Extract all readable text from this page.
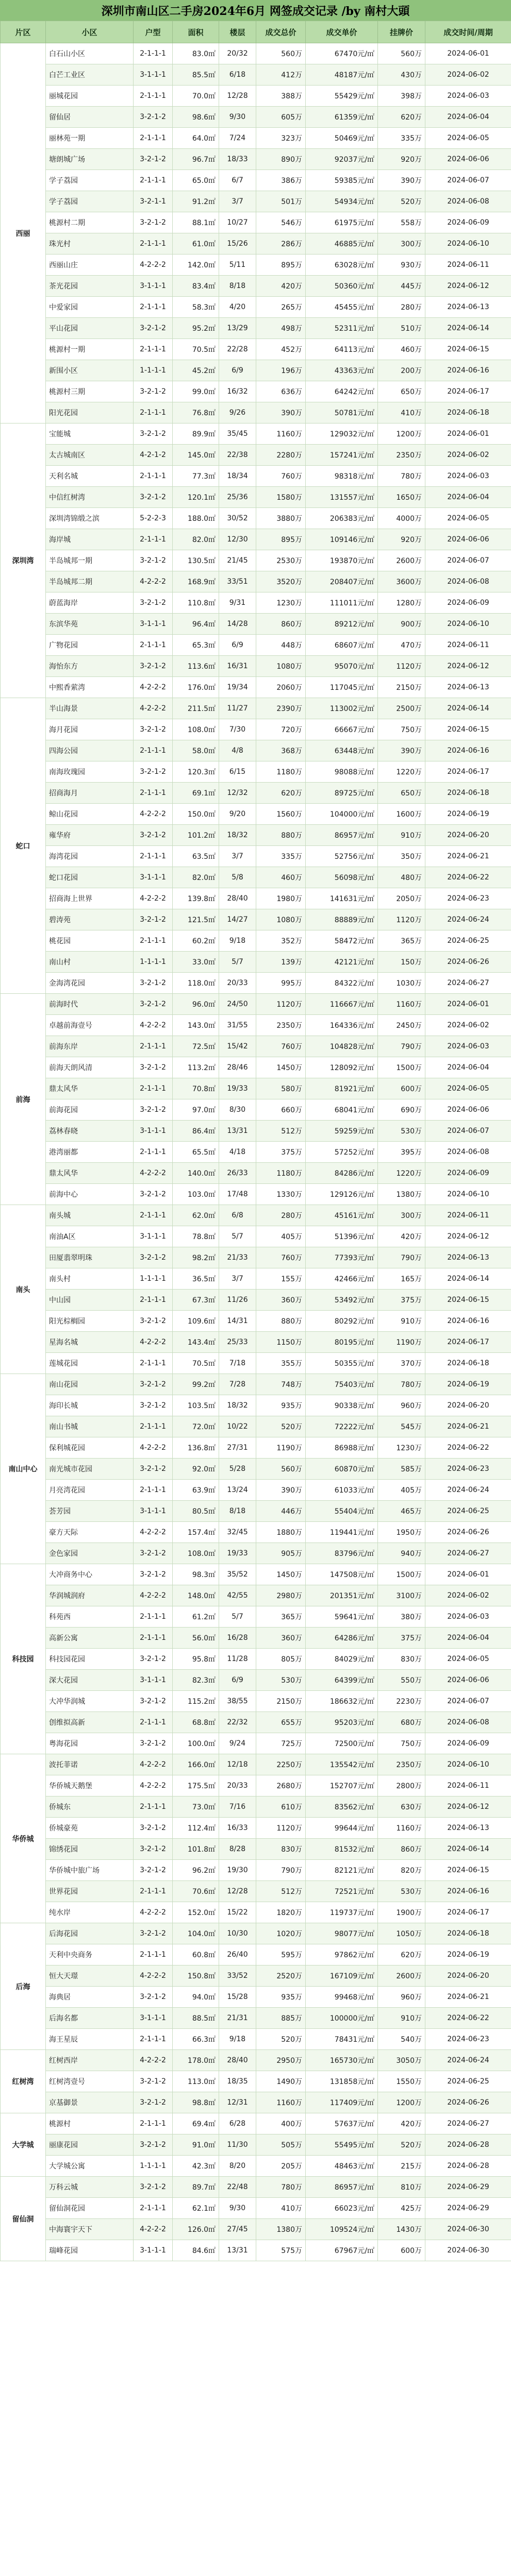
深圳市南山区二手房2024年6月 网签成交记录 /by 南村大頭
片区	小区	户型	面积	楼层	成交总价	成交单价	挂牌价	成交时间/周期
西丽	白石山小区	2-1-1-1	83.0㎡	20/32	560万	67470元/㎡	560万	2024-06-01
	白芒工业区	3-1-1-1	85.5㎡	6/18	412万	48187元/㎡	430万	2024-06-02
	丽城花园	2-1-1-1	70.0㎡	12/28	388万	55429元/㎡	398万	2024-06-03
	留仙居	3-2-1-2	98.6㎡	9/30	605万	61359元/㎡	620万	2024-06-04
	丽林苑一期	2-1-1-1	64.0㎡	7/24	323万	50469元/㎡	335万	2024-06-05
	塘朗城广场	3-2-1-2	96.7㎡	18/33	890万	92037元/㎡	920万	2024-06-06
	学子荔园	2-1-1-1	65.0㎡	6/7	386万	59385元/㎡	390万	2024-06-07
	学子荔园	3-2-1-1	91.2㎡	3/7	501万	54934元/㎡	520万	2024-06-08
	桃源村二期	3-2-1-2	88.1㎡	10/27	546万	61975元/㎡	558万	2024-06-09
	珠光村	2-1-1-1	61.0㎡	15/26	286万	46885元/㎡	300万	2024-06-10
	西丽山庄	4-2-2-2	142.0㎡	5/11	895万	63028元/㎡	930万	2024-06-11
	茶光花园	3-1-1-1	83.4㎡	8/18	420万	50360元/㎡	445万	2024-06-12
	中爱家园	2-1-1-1	58.3㎡	4/20	265万	45455元/㎡	280万	2024-06-13
	平山花园	3-2-1-2	95.2㎡	13/29	498万	52311元/㎡	510万	2024-06-14
	桃源村一期	2-1-1-1	70.5㎡	22/28	452万	64113元/㎡	460万	2024-06-15
	新围小区	1-1-1-1	45.2㎡	6/9	196万	43363元/㎡	200万	2024-06-16
	桃源村三期	3-2-1-2	99.0㎡	16/32	636万	64242元/㎡	650万	2024-06-17
	阳光花园	2-1-1-1	76.8㎡	9/26	390万	50781元/㎡	410万	2024-06-18
深圳湾	宝能城	3-2-1-2	89.9㎡	35/45	1160万	129032元/㎡	1200万	2024-06-01
	太古城南区	4-2-1-2	145.0㎡	22/38	2280万	157241元/㎡	2350万	2024-06-02
	天利名城	2-1-1-1	77.3㎡	18/34	760万	98318元/㎡	780万	2024-06-03
	中信红树湾	3-2-1-2	120.1㎡	25/36	1580万	131557元/㎡	1650万	2024-06-04
	深圳湾锦缎之滨	5-2-2-3	188.0㎡	30/52	3880万	206383元/㎡	4000万	2024-06-05
	海岸城	2-1-1-1	82.0㎡	12/30	895万	109146元/㎡	920万	2024-06-06
	半岛城邦一期	3-2-1-2	130.5㎡	21/45	2530万	193870元/㎡	2600万	2024-06-07
	半岛城邦二期	4-2-2-2	168.9㎡	33/51	3520万	208407元/㎡	3600万	2024-06-08
	蔚蓝海岸	3-2-1-2	110.8㎡	9/31	1230万	111011元/㎡	1280万	2024-06-09
	东滨华苑	3-1-1-1	96.4㎡	14/28	860万	89212元/㎡	900万	2024-06-10
	广物花园	2-1-1-1	65.3㎡	6/9	448万	68607元/㎡	470万	2024-06-11
	海怡东方	3-2-1-2	113.6㎡	16/31	1080万	95070元/㎡	1120万	2024-06-12
	中熙香萦湾	4-2-2-2	176.0㎡	19/34	2060万	117045元/㎡	2150万	2024-06-13
蛇口	半山海景	4-2-2-2	211.5㎡	11/27	2390万	113002元/㎡	2500万	2024-06-14
	海月花园	3-2-1-2	108.0㎡	7/30	720万	66667元/㎡	750万	2024-06-15
	四海公园	2-1-1-1	58.0㎡	4/8	368万	63448元/㎡	390万	2024-06-16
	南海玫瑰园	3-2-1-2	120.3㎡	6/15	1180万	98088元/㎡	1220万	2024-06-17
	招商海月	2-1-1-1	69.1㎡	12/32	620万	89725元/㎡	650万	2024-06-18
	鲸山花园	4-2-2-2	150.0㎡	9/20	1560万	104000元/㎡	1600万	2024-06-19
	雍华府	3-2-1-2	101.2㎡	18/32	880万	86957元/㎡	910万	2024-06-20
	海湾花园	2-1-1-1	63.5㎡	3/7	335万	52756元/㎡	350万	2024-06-21
	蛇口花园	3-1-1-1	82.0㎡	5/8	460万	56098元/㎡	480万	2024-06-22
	招商海上世界	4-2-2-2	139.8㎡	28/40	1980万	141631元/㎡	2050万	2024-06-23
	碧涛苑	3-2-1-2	121.5㎡	14/27	1080万	88889元/㎡	1120万	2024-06-24
	桃花园	2-1-1-1	60.2㎡	9/18	352万	58472元/㎡	365万	2024-06-25
	南山村	1-1-1-1	33.0㎡	5/7	139万	42121元/㎡	150万	2024-06-26
	金海湾花园	3-2-1-2	118.0㎡	20/33	995万	84322元/㎡	1030万	2024-06-27
前海	前海时代	3-2-1-2	96.0㎡	24/50	1120万	116667元/㎡	1160万	2024-06-01
	卓越前海壹号	4-2-2-2	143.0㎡	31/55	2350万	164336元/㎡	2450万	2024-06-02
	前海东岸	2-1-1-1	72.5㎡	15/42	760万	104828元/㎡	790万	2024-06-03
	前海天朗风清	3-2-1-2	113.2㎡	28/46	1450万	128092元/㎡	1500万	2024-06-04
	鼎太风华	2-1-1-1	70.8㎡	19/33	580万	81921元/㎡	600万	2024-06-05
	前海花园	3-2-1-2	97.0㎡	8/30	660万	68041元/㎡	690万	2024-06-06
	荔林春晓	3-1-1-1	86.4㎡	13/31	512万	59259元/㎡	530万	2024-06-07
	港湾丽都	2-1-1-1	65.5㎡	4/18	375万	57252元/㎡	395万	2024-06-08
	鼎太风华	4-2-2-2	140.0㎡	26/33	1180万	84286元/㎡	1220万	2024-06-09
	前海中心	3-2-1-2	103.0㎡	17/48	1330万	129126元/㎡	1380万	2024-06-10
南头	南头城	2-1-1-1	62.0㎡	6/8	280万	45161元/㎡	300万	2024-06-11
	南油A区	3-1-1-1	78.8㎡	5/7	405万	51396元/㎡	420万	2024-06-12
	田厦翡翠明珠	3-2-1-2	98.2㎡	21/33	760万	77393元/㎡	790万	2024-06-13
	南头村	1-1-1-1	36.5㎡	3/7	155万	42466元/㎡	165万	2024-06-14
	中山园	2-1-1-1	67.3㎡	11/26	360万	53492元/㎡	375万	2024-06-15
	阳光棕榈园	3-2-1-2	109.6㎡	14/31	880万	80292元/㎡	910万	2024-06-16
	星海名城	4-2-2-2	143.4㎡	25/33	1150万	80195元/㎡	1190万	2024-06-17
	莲城花园	2-1-1-1	70.5㎡	7/18	355万	50355元/㎡	370万	2024-06-18
南山中心	南山花园	3-2-1-2	99.2㎡	7/28	748万	75403元/㎡	780万	2024-06-19
	海印长城	3-2-1-2	103.5㎡	18/32	935万	90338元/㎡	960万	2024-06-20
	南山书城	2-1-1-1	72.0㎡	10/22	520万	72222元/㎡	545万	2024-06-21
	保利城花园	4-2-2-2	136.8㎡	27/31	1190万	86988元/㎡	1230万	2024-06-22
	南光城市花园	3-2-1-2	92.0㎡	5/28	560万	60870元/㎡	585万	2024-06-23
	月亮湾花园	2-1-1-1	63.9㎡	13/24	390万	61033元/㎡	405万	2024-06-24
	荟芳园	3-1-1-1	80.5㎡	8/18	446万	55404元/㎡	465万	2024-06-25
	豪方天际	4-2-2-2	157.4㎡	32/45	1880万	119441元/㎡	1950万	2024-06-26
	金色家园	3-2-1-2	108.0㎡	19/33	905万	83796元/㎡	940万	2024-06-27
科技园	大冲商务中心	3-2-1-2	98.3㎡	35/52	1450万	147508元/㎡	1500万	2024-06-01
	华润城润府	4-2-2-2	148.0㎡	42/55	2980万	201351元/㎡	3100万	2024-06-02
	科苑西	2-1-1-1	61.2㎡	5/7	365万	59641元/㎡	380万	2024-06-03
	高新公寓	2-1-1-1	56.0㎡	16/28	360万	64286元/㎡	375万	2024-06-04
	科技园花园	3-2-1-2	95.8㎡	11/28	805万	84029元/㎡	830万	2024-06-05
	深大花园	3-1-1-1	82.3㎡	6/9	530万	64399元/㎡	550万	2024-06-06
	大冲华润城	3-2-1-2	115.2㎡	38/55	2150万	186632元/㎡	2230万	2024-06-07
	创维拟高新	2-1-1-1	68.8㎡	22/32	655万	95203元/㎡	680万	2024-06-08
	粤海花园	3-2-1-2	100.0㎡	9/24	725万	72500元/㎡	750万	2024-06-09
华侨城	波托菲诺	4-2-2-2	166.0㎡	12/18	2250万	135542元/㎡	2350万	2024-06-10
	华侨城天鹅堡	4-2-2-2	175.5㎡	20/33	2680万	152707元/㎡	2800万	2024-06-11
	侨城东	2-1-1-1	73.0㎡	7/16	610万	83562元/㎡	630万	2024-06-12
	侨城豪苑	3-2-1-2	112.4㎡	16/33	1120万	99644元/㎡	1160万	2024-06-13
	锦绣花园	3-2-1-2	101.8㎡	8/28	830万	81532元/㎡	860万	2024-06-14
	华侨城中旅广场	3-2-1-2	96.2㎡	19/30	790万	82121元/㎡	820万	2024-06-15
	世界花园	2-1-1-1	70.6㎡	12/28	512万	72521元/㎡	530万	2024-06-16
	纯水岸	4-2-2-2	152.0㎡	15/22	1820万	119737元/㎡	1900万	2024-06-17
后海	后海花园	3-2-1-2	104.0㎡	10/30	1020万	98077元/㎡	1050万	2024-06-18
	天利中央商务	2-1-1-1	60.8㎡	26/40	595万	97862元/㎡	620万	2024-06-19
	恒大天璟	4-2-2-2	150.8㎡	33/52	2520万	167109元/㎡	2600万	2024-06-20
	海典居	3-2-1-2	94.0㎡	15/28	935万	99468元/㎡	960万	2024-06-21
	后海名都	3-1-1-1	88.5㎡	21/31	885万	100000元/㎡	910万	2024-06-22
	海王星辰	2-1-1-1	66.3㎡	9/18	520万	78431元/㎡	540万	2024-06-23
红树湾	红树西岸	4-2-2-2	178.0㎡	28/40	2950万	165730元/㎡	3050万	2024-06-24
	红树湾壹号	3-2-1-2	113.0㎡	18/35	1490万	131858元/㎡	1550万	2024-06-25
	京基御景	3-2-1-2	98.8㎡	12/31	1160万	117409元/㎡	1200万	2024-06-26
大学城	桃源村	2-1-1-1	69.4㎡	6/28	400万	57637元/㎡	420万	2024-06-27
	丽康花园	3-2-1-2	91.0㎡	11/30	505万	55495元/㎡	520万	2024-06-28
	大学城公寓	1-1-1-1	42.3㎡	8/20	205万	48463元/㎡	215万	2024-06-28
留仙洞	万科云城	3-2-1-2	89.7㎡	22/48	780万	86957元/㎡	810万	2024-06-29
	留仙洞花园	2-1-1-1	62.1㎡	9/30	410万	66023元/㎡	425万	2024-06-29
	中海寰宇天下	4-2-2-2	126.0㎡	27/45	1380万	109524元/㎡	1430万	2024-06-30
	瑞峰花园	3-1-1-1	84.6㎡	13/31	575万	67967元/㎡	600万	2024-06-30
